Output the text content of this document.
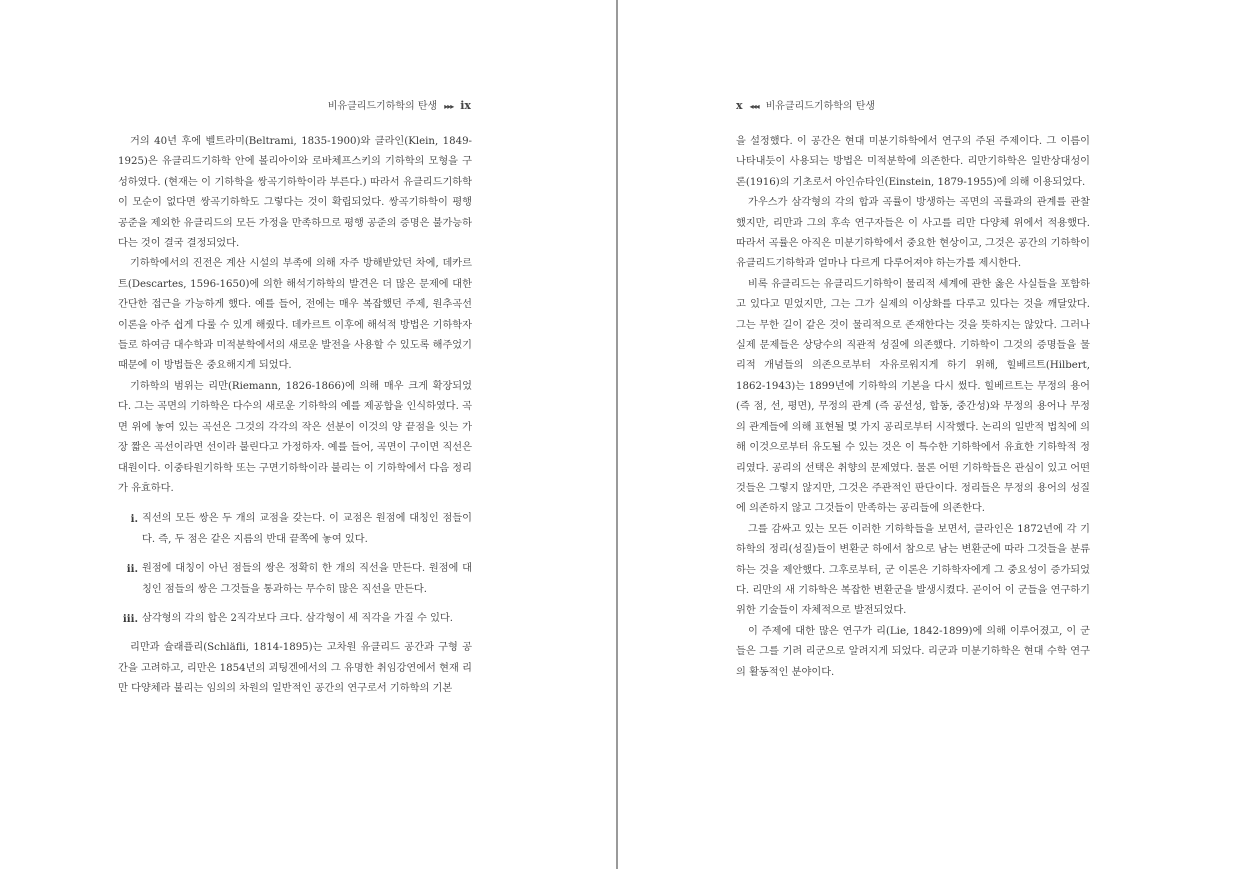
비유클리드기하학의 탄생 ▸▸▸ ix

거의 40년 후에 벨트라미(Beltrami, 1835-1900)와 클라인(Klein, 1849-1925)은 유클리드기하학 안에 볼리아이와 로바체프스키의 기하학의 모형을 구성하였다. (현재는 이 기하학을 쌍곡기하학이라 부른다.) 따라서 유클리드기하학이 모순이 없다면 쌍곡기하학도 그렇다는 것이 확립되었다. 쌍곡기하학이 평행 공준을 제외한 유클리드의 모든 가정을 만족하므로 평행 공준의 증명은 불가능하다는 것이 결국 결정되었다.

기하학에서의 진전은 계산 시설의 부족에 의해 자주 방해받았던 차에, 데카르트(Descartes, 1596-1650)에 의한 해석기하학의 발견은 더 많은 문제에 대한 간단한 접근을 가능하게 했다. 예를 들어, 전에는 매우 복잡했던 주제, 원추곡선이론을 아주 쉽게 다룰 수 있게 해줬다. 데카르트 이후에 해석적 방법은 기하학자들로 하여금 대수학과 미적분학에서의 새로운 발전을 사용할 수 있도록 해주었기 때문에 이 방법들은 중요해지게 되었다.

기하학의 범위는 리만(Riemann, 1826-1866)에 의해 매우 크게 확장되었다. 그는 곡면의 기하학은 다수의 새로운 기하학의 예를 제공함을 인식하였다. 곡면 위에 놓여 있는 곡선은 그것의 각각의 작은 선분이 이것의 양 끝점을 잇는 가장 짧은 곡선이라면 선이라 불린다고 가정하자. 예를 들어, 곡면이 구이면 직선은 대원이다. 이중타원기하학 또는 구면기하학이라 불리는 이 기하학에서 다음 정리가 유효하다.

i. 직선의 모든 쌍은 두 개의 교점을 갖는다. 이 교점은 원점에 대칭인 점들이다. 즉, 두 점은 같은 지름의 반대 끝쪽에 놓여 있다.
ii. 원점에 대칭이 아닌 점들의 쌍은 정확히 한 개의 직선을 만든다. 원점에 대칭인 점들의 쌍은 그것들을 통과하는 무수히 많은 직선을 만든다.
iii. 삼각형의 각의 합은 2직각보다 크다. 삼각형이 세 직각을 가질 수 있다.

리만과 슐래플리(Schläfli, 1814-1895)는 고차원 유클리드 공간과 구형 공간을 고려하고, 리만은 1854년의 괴팅겐에서의 그 유명한 취임강연에서 현재 리만 다양체라 불리는 임의의 차원의 일반적인 공간의 연구로서 기하학의 기본

x ◂◂◂ 비유클리드기하학의 탄생

을 설정했다. 이 공간은 현대 미분기하학에서 연구의 주된 주제이다. 그 이름이 나타내듯이 사용되는 방법은 미적분학에 의존한다. 리만기하학은 일반상대성이론(1916)의 기초로서 아인슈타인(Einstein, 1879-1955)에 의해 이용되었다.

가우스가 삼각형의 각의 합과 곡률이 방생하는 곡면의 곡률과의 관계를 관찰했지만, 리만과 그의 후속 연구자들은 이 사고를 리만 다양체 위에서 적용했다. 따라서 곡률은 아직은 미분기하학에서 중요한 현상이고, 그것은 공간의 기하학이 유클리드기하학과 얼마나 다르게 다루어져야 하는가를 제시한다.

비록 유클리드는 유클리드기하학이 물리적 세계에 관한 옳은 사실들을 포함하고 있다고 믿었지만, 그는 그가 실제의 이상화를 다루고 있다는 것을 깨달았다. 그는 무한 길이 같은 것이 물리적으로 존재한다는 것을 뜻하지는 않았다. 그러나 실제 문제들은 상당수의 직관적 성질에 의존했다. 기하학이 그것의 증명들을 물리적 개념들의 의존으로부터 자유로워지게 하기 위해, 힐베르트(Hilbert, 1862-1943)는 1899년에 기하학의 기본을 다시 썼다. 힐베르트는 무정의 용어(즉 점, 선, 평면), 무정의 관계 (즉 공선성, 합동, 중간성)와 무정의 용어나 무정의 관계들에 의해 표현될 몇 가지 공리로부터 시작했다. 논리의 일반적 법칙에 의해 이것으로부터 유도될 수 있는 것은 이 특수한 기하학에서 유효한 기하학적 정리였다. 공리의 선택은 취향의 문제였다. 물론 어떤 기하학들은 관심이 있고 어떤 것들은 그렇지 않지만, 그것은 주관적인 판단이다. 정리들은 무정의 용어의 성질에 의존하지 않고 그것들이 만족하는 공리들에 의존한다.

그를 감싸고 있는 모든 이러한 기하학들을 보면서, 클라인은 1872년에 각 기하학의 정리(성질)들이 변환군 하에서 참으로 남는 변환군에 따라 그것들을 분류하는 것을 제안했다. 그후로부터, 군 이론은 기하학자에게 그 중요성이 증가되었다. 리만의 새 기하학은 복잡한 변환군을 발생시켰다. 곧이어 이 군들을 연구하기 위한 기술들이 자체적으로 발전되었다.

이 주제에 대한 많은 연구가 리(Lie, 1842-1899)에 의해 이루어졌고, 이 군들은 그를 기려 리군으로 알려지게 되었다. 리군과 미분기하학은 현대 수학 연구의 활동적인 분야이다.
